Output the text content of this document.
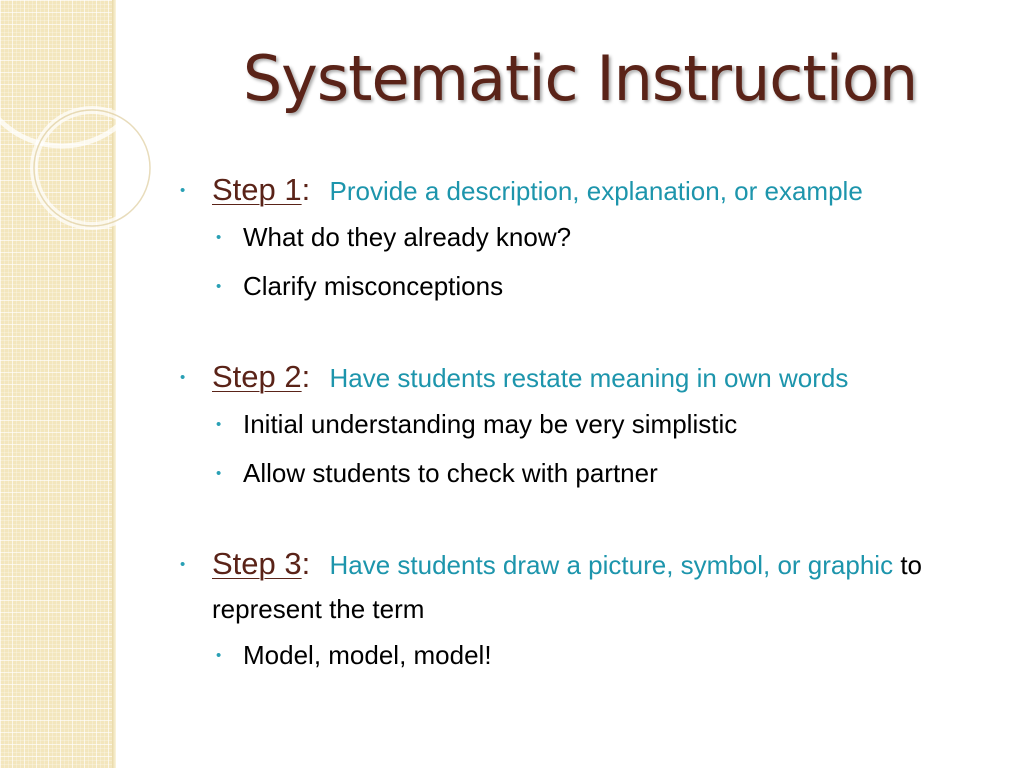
Systematic Instruction
• Step 1: Provide a description, explanation, or example
• What do they already know?
• Clarify misconceptions
• Step 2: Have students restate meaning in own words
• Initial understanding may be very simplistic
• Allow students to check with partner
• Step 3: Have students draw a picture, symbol, or graphic to represent the term
• Model, model, model!
